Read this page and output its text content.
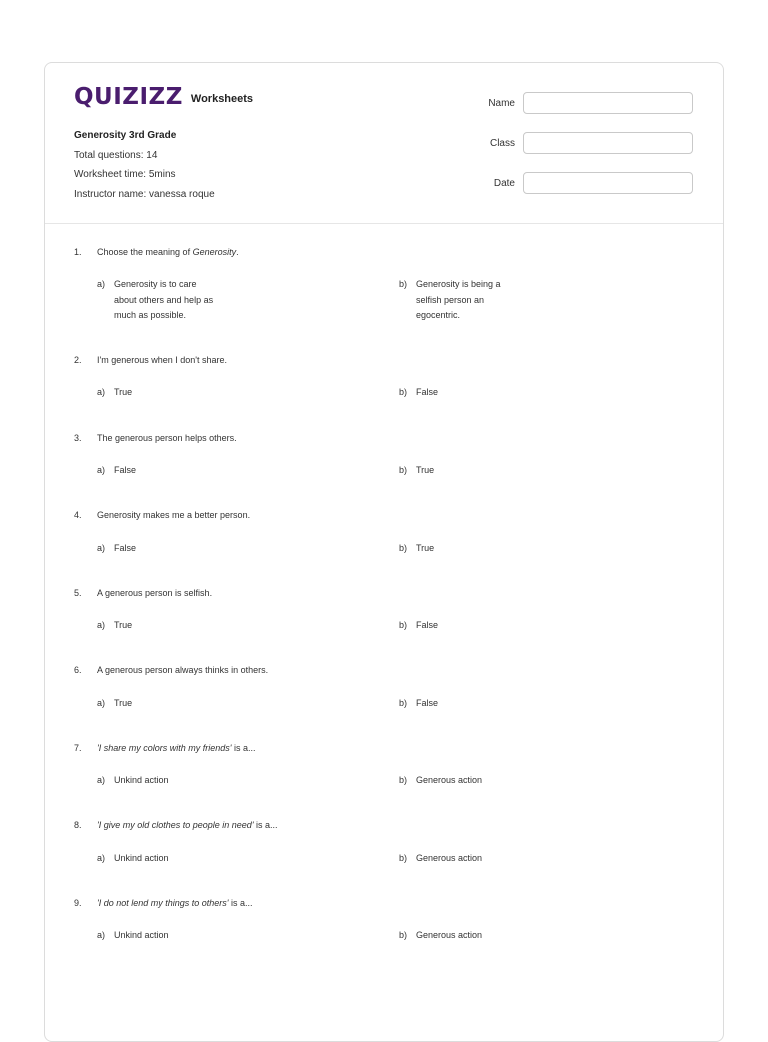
QUIZIZZ Worksheets
Generosity 3rd Grade
Total questions: 14
Worksheet time: 5mins
Instructor name: vanessa roque
Name
Class
Date
1. Choose the meaning of Generosity.
a) Generosity is to care
about others and help as
much as possible.
b) Generosity is being a
selfish person an
egocentric.
2. I'm generous when I don't share.
a) True	b) False
3. The generous person helps others.
a) False	b) True
4. Generosity makes me a better person.
a) False	b) True
5. A generous person is selfish.
a) True	b) False
6. A generous person always thinks in others.
a) True	b) False
7. 'I share my colors with my friends' is a...
a) Unkind action	b) Generous action
8. 'I give my old clothes to people in need' is a...
a) Unkind action	b) Generous action
9. 'I do not lend my things to others' is a...
a) Unkind action	b) Generous action
